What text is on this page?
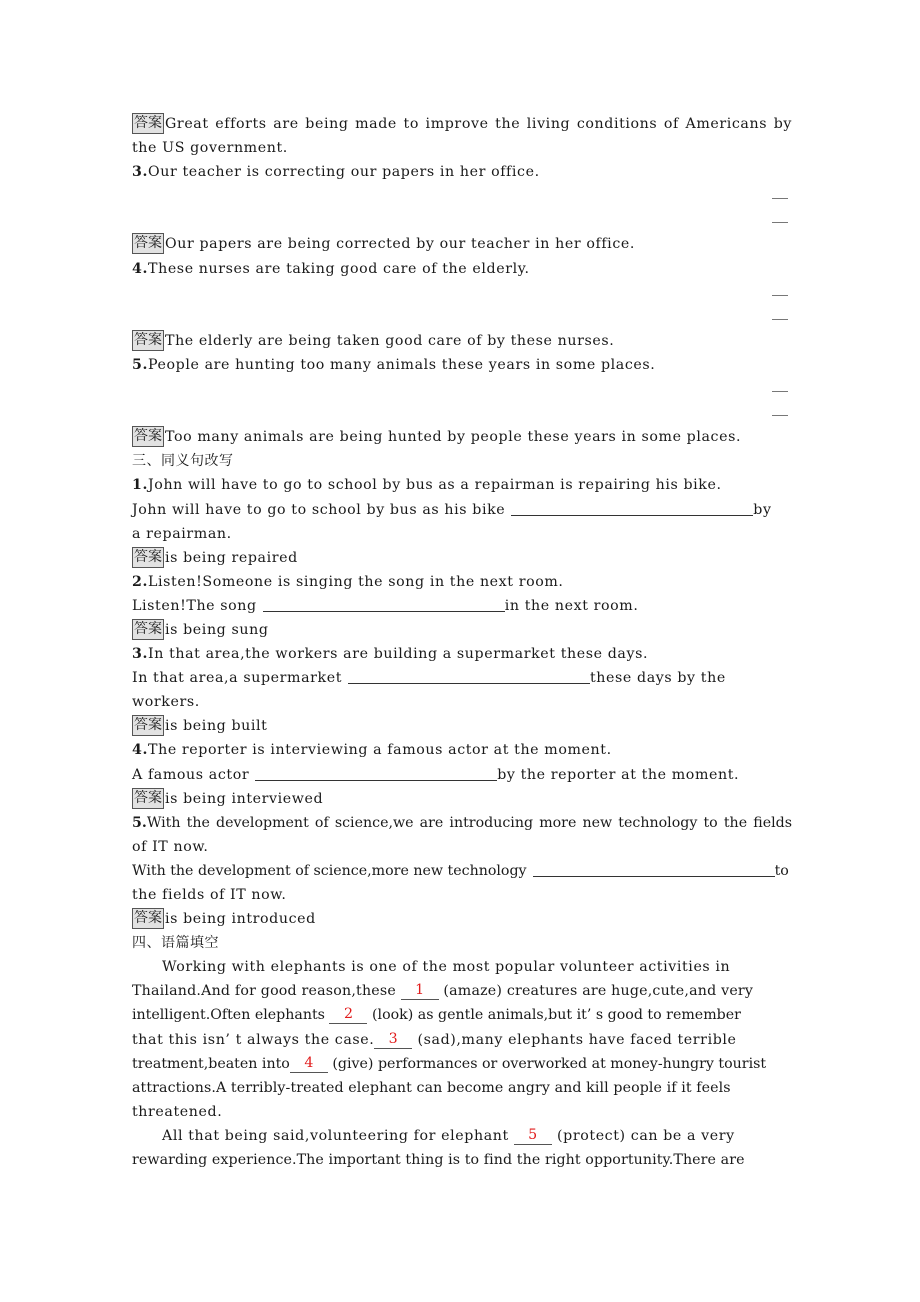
答案 Great efforts are being made to improve the living conditions of Americans by
the US government.
3.Our teacher is correcting our papers in her office.
答案 Our papers are being corrected by our teacher in her office.
4.These nurses are taking good care of the elderly.
答案 The elderly are being taken good care of by these nurses.
5.People are hunting too many animals these years in some places.
答案 Too many animals are being hunted by people these years in some places.
三、同义句改写
1.John will have to go to school by bus as a repairman is repairing his bike.
John will have to go to school by bus as his bike	by
a repairman.
答案 is being repaired
2.Listen!Someone is singing the song in the next room.
Listen!The song	in the next room.
答案 is being sung
3.In that area,the workers are building a supermarket these days.
In that area,a supermarket	these days by the
workers.
答案 is being built
4.The reporter is interviewing a famous actor at the moment.
A famous actor	by the reporter at the moment.
答案 is being interviewed
5.With the development of science,we are introducing more new technology to the fields
of IT now.
With the development of science,more new technology	to
the fields of IT now.
答案 is being introduced
四、语篇填空
Working with elephants is one of the most popular volunteer activities in
Thailand.And for good reason,these 1 (amaze) creatures are huge,cute,and very
intelligent.Often elephants 2 (look) as gentle animals,but it’ s good to remember
that this isn’ t always the case. 3 (sad),many elephants have faced terrible
treatment,beaten into 4 (give) performances or overworked at money-hungry tourist
attractions.A terribly-treated elephant can become angry and kill people if it feels
threatened.
All that being said,volunteering for elephant 5 (protect) can be a very
rewarding experience.The important thing is to find the right opportunity.There are
